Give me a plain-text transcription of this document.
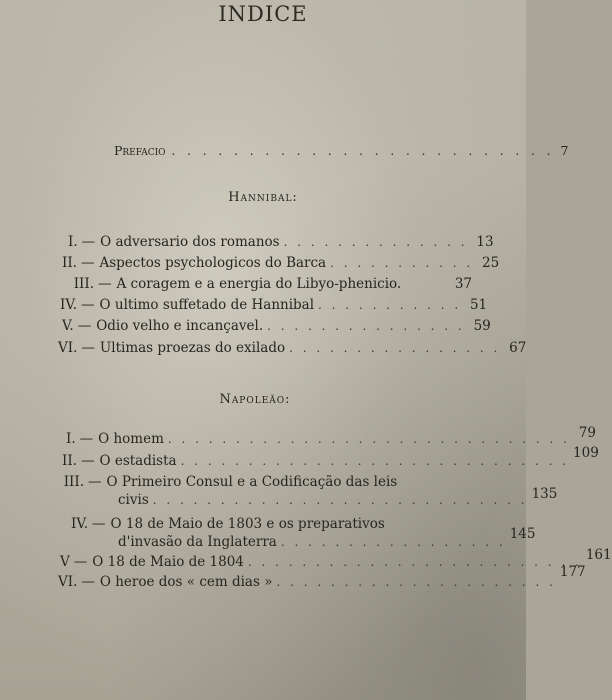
INDICE
Prefacio . . . . . . . . . . . . . . . . . . . . . . . . . 7
Hannibal:
I. — O adversario dos romanos . . . . . . . . . . . . . . 13
II. — Aspectos psychologicos do Barca . . . . . . . . . . . 25
III. — A coragem e a energia do Libyo-phenicio.	37
IV. — O ultimo suffetado de Hannibal . . . . . . . . . . . 51
V. — Odio velho e incançavel. . . . . . . . . . . . . . . . 59
VI. — Ultimas proezas do exilado . . . . . . . . . . . . . . . . 67
Napoleão:
I. — O homem . . . . . . . . . . . . . . . . . . . . . . . . . . . . . . 79
II. — O estadista . . . . . . . . . . . . . . . . . . . . . . . . . . . . . 109
III. — O Primeiro Consul e a Codificação das leis
civis . . . . . . . . . . . . . . . . . . . . . . . . . . . . 135
IV. — O 18 de Maio de 1803 e os preparativos
d'invasão da Inglaterra . . . . . . . . . . . . . . . . . 145
V — O 18 de Maio de 1804 . . . . . . . . . . . . . . . . . . . . . . . . . 161
VI. — O heroe dos « cem dias » . . . . . . . . . . . . . . . . . . . . .
177
